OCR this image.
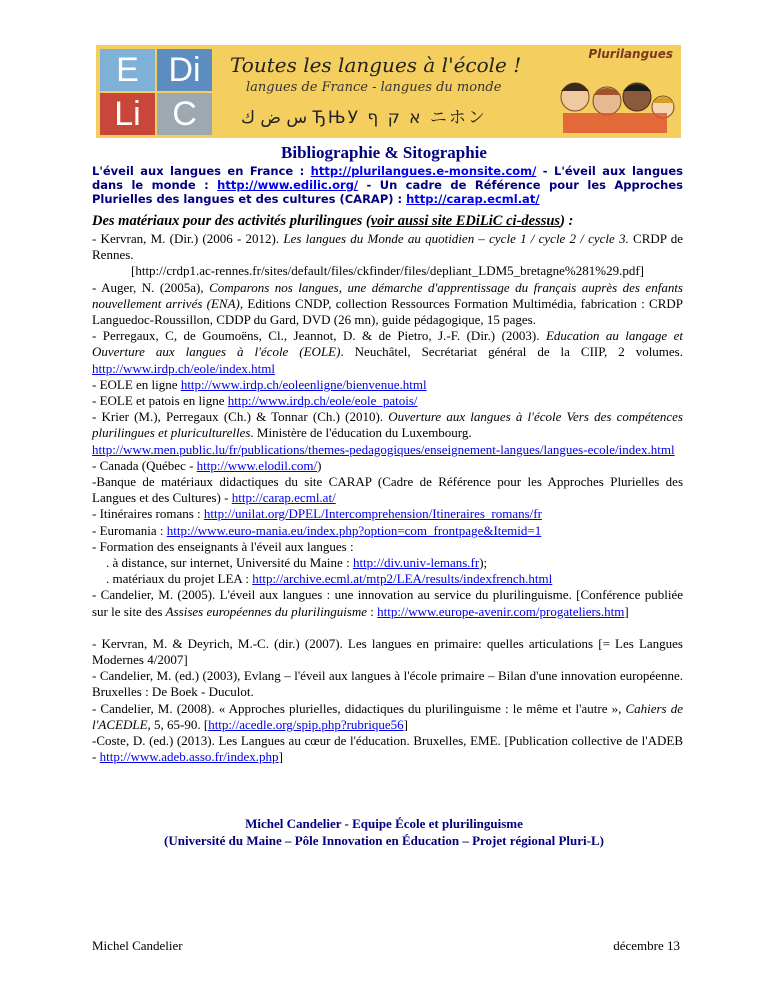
E Di
Li C
Toutes les langues à l'école !
langues de France - langues du monde
س ض ك ЂЊУ א ק ף ニホン
Plurilangues
Bibliographie & Sitographie
L'éveil aux langues en France : http://plurilangues.e-monsite.com/ - L'éveil aux langues dans le monde : http://www.edilic.org/ - Un cadre de Référence pour les Approches Plurielles des langues et des cultures (CARAP) : http://carap.ecml.at/
Des matériaux pour des activités plurilingues (voir aussi site EDiLiC ci-dessus) :

- Kervran, M. (Dir.) (2006 - 2012). Les langues du Monde au quotidien – cycle 1 / cycle 2 / cycle 3. CRDP de Rennes.

[http://crdp1.ac-rennes.fr/sites/default/files/ckfinder/files/depliant_LDM5_bretagne%281%29.pdf]

- Auger, N. (2005a), Comparons nos langues, une démarche d'apprentissage du français auprès des enfants nouvellement arrivés (ENA), Editions CNDP, collection Ressources Formation Multimédia, fabrication : CRDP Languedoc-Roussillon, CDDP du Gard, DVD (26 mn), guide pédagogique, 15 pages.

- Perregaux, C, de Goumoëns, Cl., Jeannot, D. & de Pietro, J.-F. (Dir.) (2003). Education au langage et Ouverture aux langues à l'école (EOLE). Neuchâtel, Secrétariat général de la CIIP, 2 volumes. http://www.irdp.ch/eole/index.html

- EOLE en ligne http://www.irdp.ch/eoleenligne/bienvenue.html

- EOLE et patois en ligne http://www.irdp.ch/eole/eole_patois/

- Krier (M.), Perregaux (Ch.) & Tonnar (Ch.) (2010). Ouverture aux langues à l'école Vers des compétences plurilingues et pluriculturelles. Ministère de l'éducation du Luxembourg.
http://www.men.public.lu/fr/publications/themes-pedagogiques/enseignement-langues/langues-ecole/index.html

- Canada (Québec - http://www.elodil.com/)

-Banque de matériaux didactiques du site CARAP (Cadre de Référence pour les Approches Plurielles des Langues et des Cultures) - http://carap.ecml.at/

- Itinéraires romans : http://unilat.org/DPEL/Intercomprehension/Itineraires_romans/fr

- Euromania : http://www.euro-mania.eu/index.php?option=com_frontpage&Itemid=1

- Formation des enseignants à l'éveil aux langues :

. à distance, sur internet, Université du Maine : http://div.univ-lemans.fr);

. matériaux du projet LEA : http://archive.ecml.at/mtp2/LEA/results/indexfrench.html

- Candelier, M. (2005). L'éveil aux langues : une innovation au service du plurilinguisme. [Conférence publiée sur le site des Assises européennes du plurilinguisme : http://www.europe-avenir.com/progateliers.htm]

- Kervran, M. & Deyrich, M.-C. (dir.) (2007). Les langues en primaire: quelles articulations [= Les Langues Modernes 4/2007]

- Candelier, M. (ed.) (2003), Evlang – l'éveil aux langues à l'école primaire – Bilan d'une innovation européenne. Bruxelles : De Boek - Duculot.

- Candelier, M. (2008). « Approches plurielles, didactiques du plurilinguisme : le même et l'autre », Cahiers de l'ACEDLE, 5, 65-90. [http://acedle.org/spip.php?rubrique56]

-Coste, D. (ed.) (2013). Les Langues au cœur de l'éducation. Bruxelles, EME. [Publication collective de l'ADEB - http://www.adeb.asso.fr/index.php]

Michel Candelier - Equipe École et plurilinguisme
(Université du Maine – Pôle Innovation en Éducation – Projet régional Pluri-L)
Michel Candelier	décembre 13
